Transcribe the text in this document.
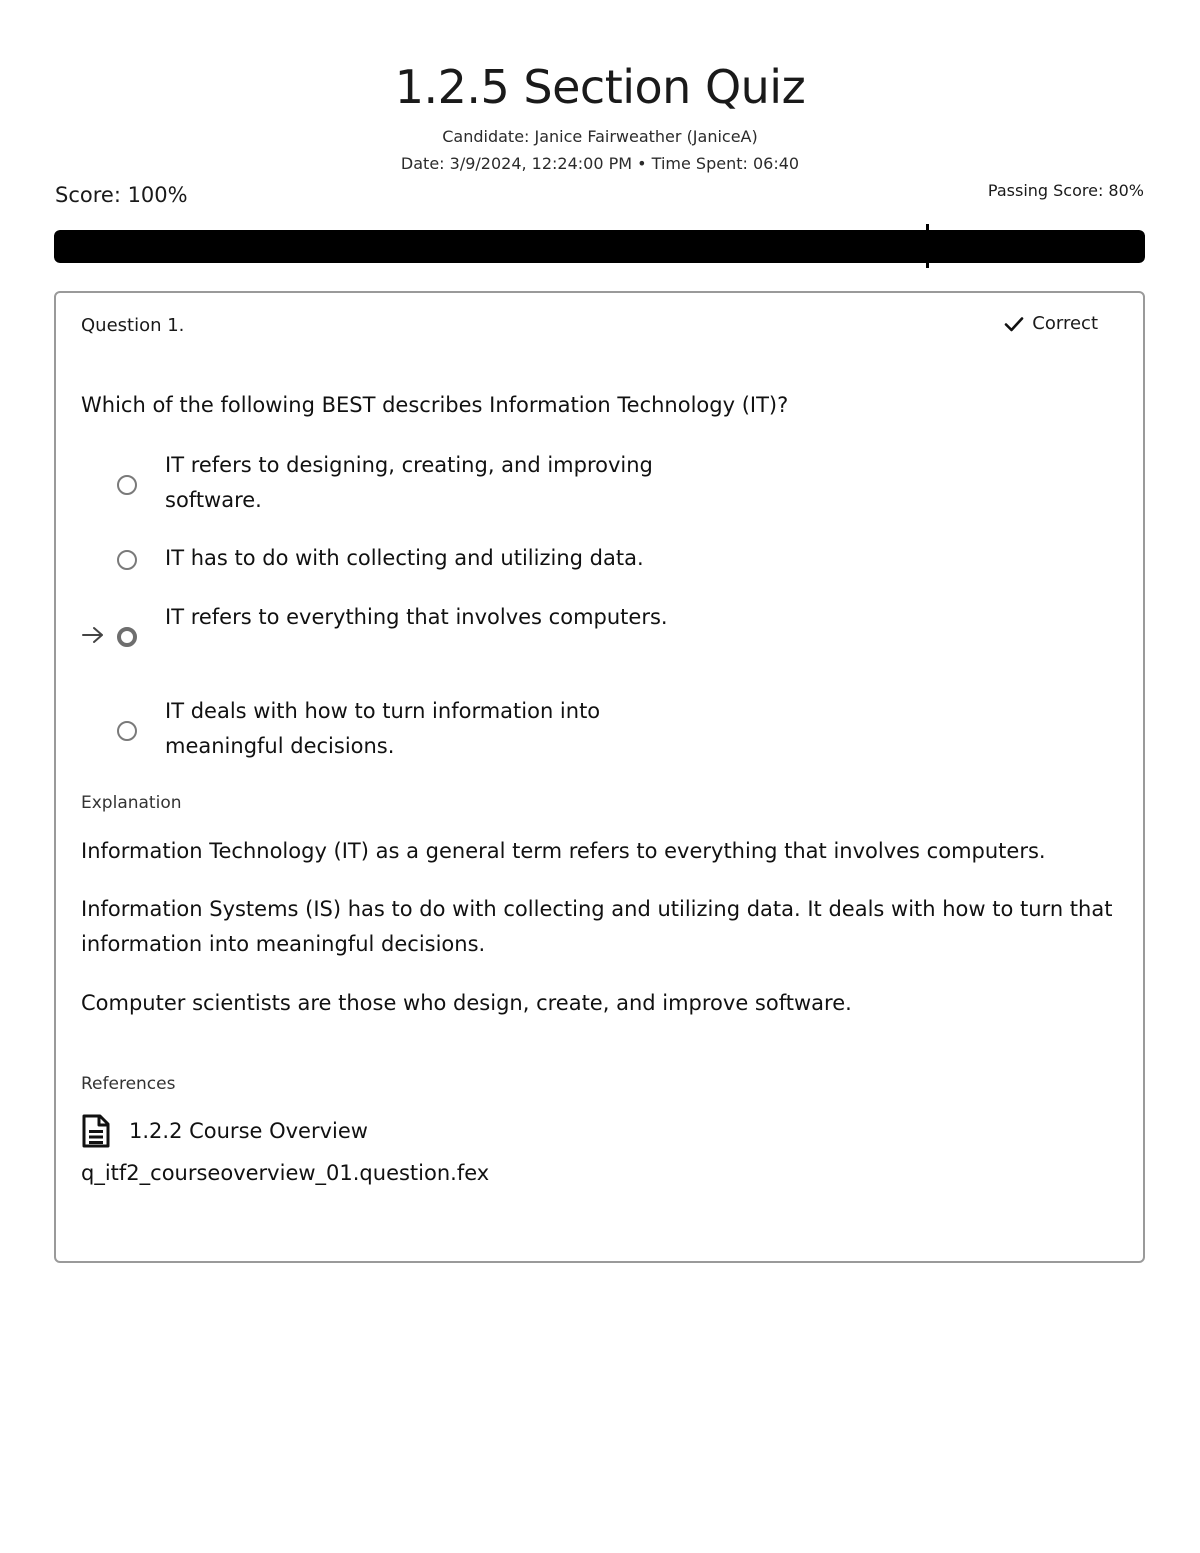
1.2.5 Section Quiz
Candidate: Janice Fairweather (JaniceA)
Date: 3/9/2024, 12:24:00 PM • Time Spent: 06:40
Score: 100%	Passing Score: 80%
Question 1.	Correct
Which of the following BEST describes Information Technology (IT)?
IT refers to designing, creating, and improving software.
IT has to do with collecting and utilizing data.
IT refers to everything that involves computers.
IT deals with how to turn information into meaningful decisions.
Explanation
Information Technology (IT) as a general term refers to everything that involves computers.
Information Systems (IS) has to do with collecting and utilizing data. It deals with how to turn that information into meaningful decisions.
Computer scientists are those who design, create, and improve software.
References
1.2.2 Course Overview
q_itf2_courseoverview_01.question.fex
